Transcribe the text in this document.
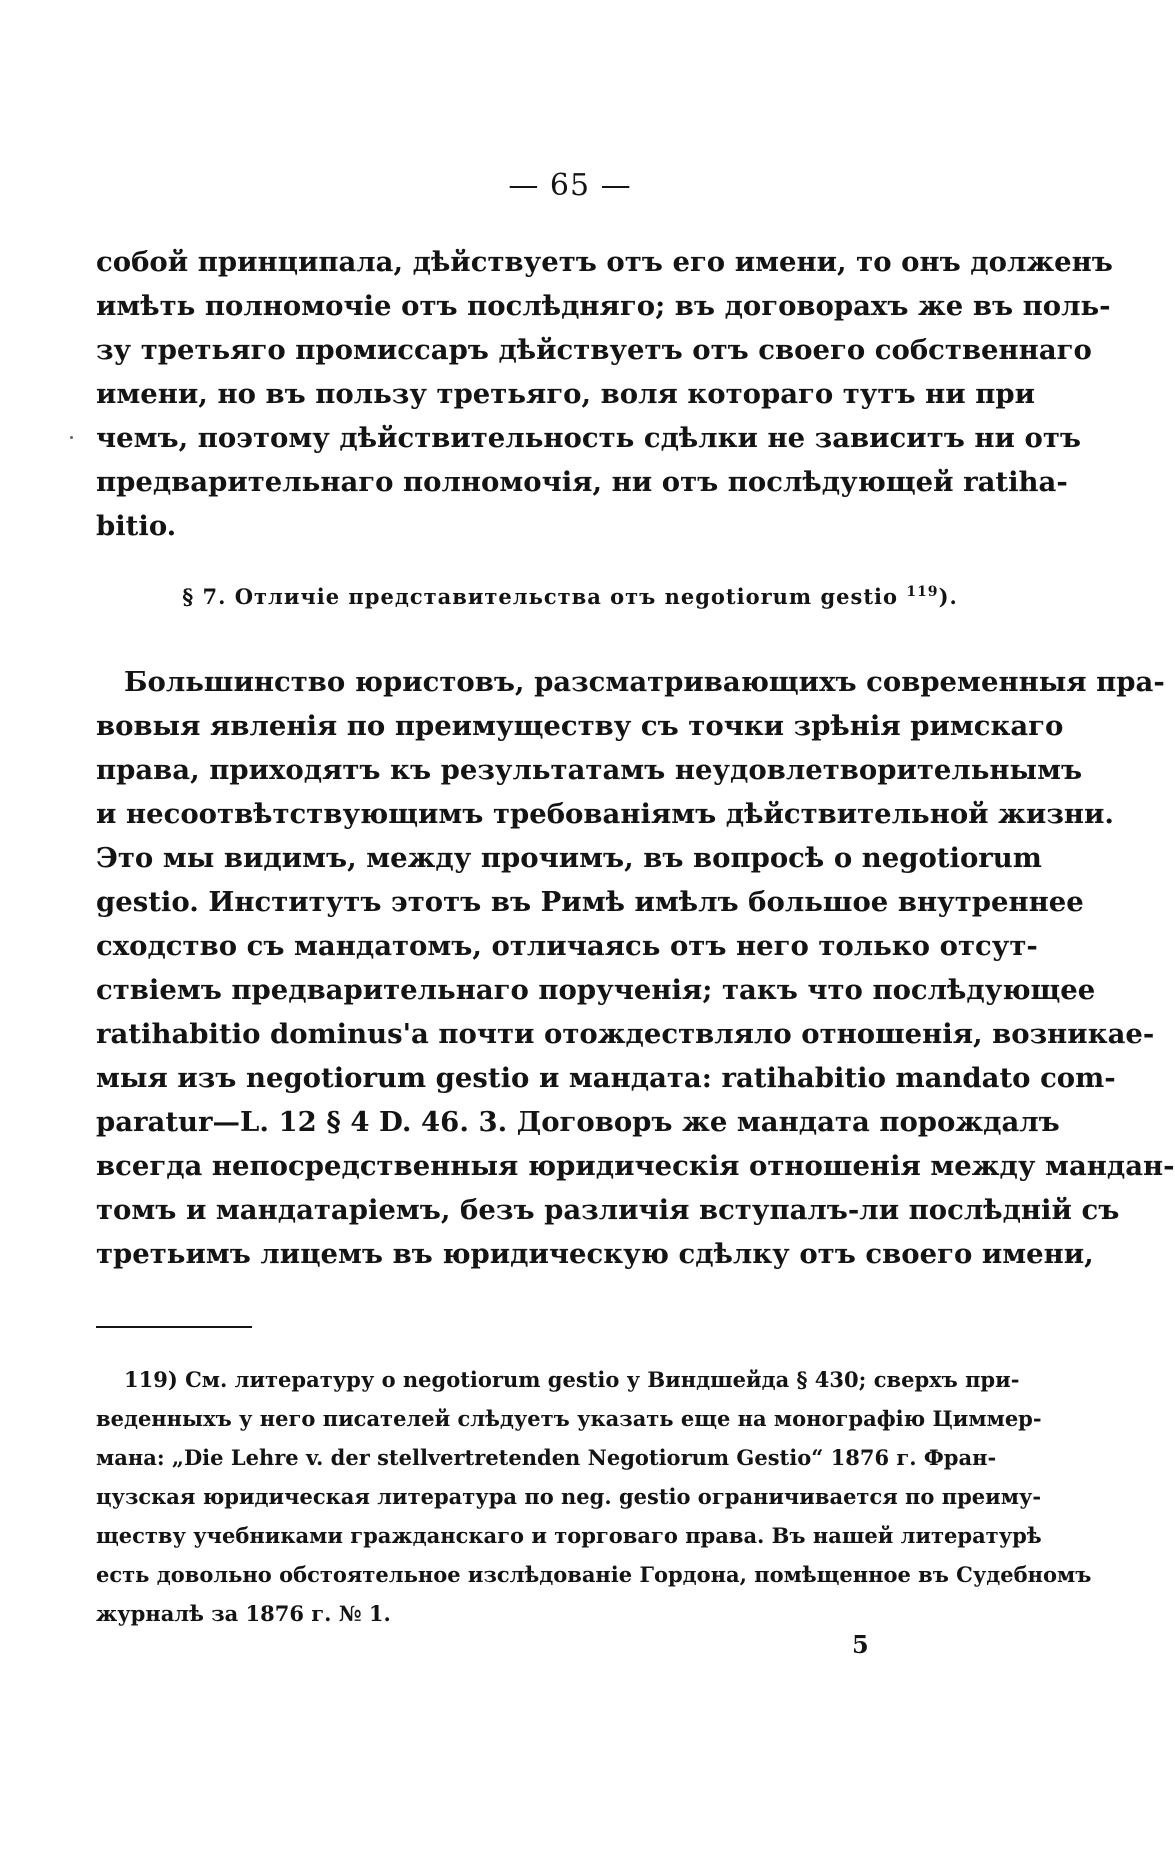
— 65 —
собой принципала, дѣйствуетъ отъ его имени, то онъ долженъ
имѣть полномочіе отъ послѣдняго; въ договорахъ же въ поль-
зу третьяго промиссаръ дѣйствуетъ отъ своего собственнаго
имени, но въ пользу третьяго, воля котораго тутъ ни при
чемъ, поэтому дѣйствительность сдѣлки не зависитъ ни отъ
предварительнаго полномочія, ни отъ послѣдующей ratiha-
bitio.
§ 7. Отличіе представительства отъ negotiorum gestio $^{119}$).
Большинство юристовъ, разсматривающихъ современныя пра-
вовыя явленія по преимуществу съ точки зрѣнія римскаго
права, приходятъ къ результатамъ неудовлетворительнымъ
и несоотвѣтствующимъ требованіямъ дѣйствительной жизни.
Это мы видимъ, между прочимъ, въ вопросѣ о negotiorum
gestio. Институтъ этотъ въ Римѣ имѣлъ большое внутреннее
сходство съ мандатомъ, отличаясь отъ него только отсут-
ствіемъ предварительнаго порученія; такъ что послѣдующее
ratihabitio dominus'а почти отождествляло отношенія, возникае-
мыя изъ negotiorum gestio и мандата: ratihabitio mandato com-
paratur—L. 12 § 4 D. 46. 3. Договоръ же мандата порождалъ
всегда непосредственныя юридическія отношенія между мандан-
томъ и мандатаріемъ, безъ различія вступалъ-ли послѣдній съ
третьимъ лицемъ въ юридическую сдѣлку отъ своего имени,
119) См. литературу о negotiorum gestio у Виндшейда § 430; сверхъ при-
веденныхъ у него писателей слѣдуетъ указать еще на монографію Циммер-
мана: „Die Lehre v. der stellvertretenden Negotiorum Gestio“ 1876 г. Фран-
цузская юридическая литература по neg. gestio ограничивается по преиму-
ществу учебниками гражданскаго и торговаго права. Въ нашей литературѣ
есть довольно обстоятельное изслѣдованіе Гордона, помѣщенное въ Судебномъ
журналѣ за 1876 г. № 1.
5
